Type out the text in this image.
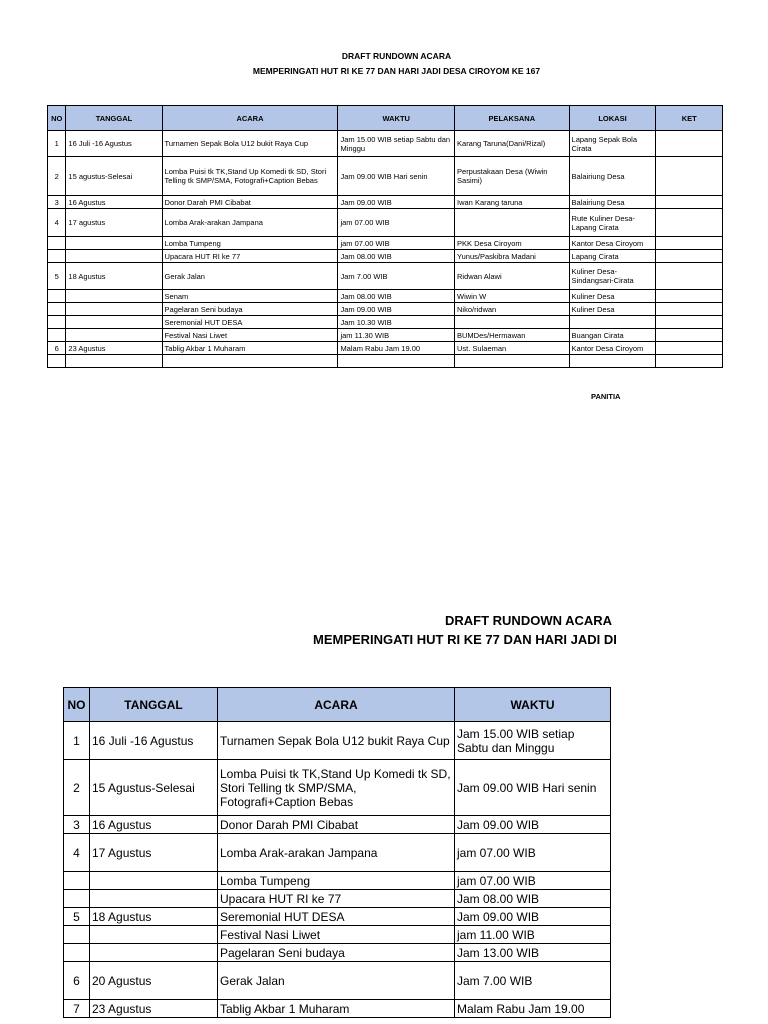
DRAFT RUNDOWN ACARA
MEMPERINGATI HUT RI KE 77 DAN HARI JADI DESA CIROYOM KE 167
NO	TANGGAL	ACARA	WAKTU	PELAKSANA	LOKASI	KET
1	16 Juli -16 Agustus	Turnamen Sepak Bola U12 bukit Raya Cup	Jam 15.00 WIB setiap Sabtu dan Minggu	Karang Taruna(Dani/Rizal)	Lapang Sepak Bola Cirata	
2	15 agustus-Selesai	Lomba Puisi tk TK,Stand Up Komedi tk SD, Stori Telling tk SMP/SMA, Fotografi+Caption Bebas	Jam 09.00 WIB Hari senin	Perpustakaan Desa (Wiwin Sasimi)	Balairiung Desa	
3	16 Agustus	Donor Darah PMI Cibabat	Jam 09.00 WIB	Iwan Karang taruna	Balairiung Desa	
4	17 agustus	Lomba Arak-arakan Jampana	jam 07.00 WIB		Rute Kuliner Desa-Lapang Cirata	
		Lomba Tumpeng	jam 07.00 WIB	PKK Desa Ciroyom	Kantor Desa Ciroyom	
		Upacara HUT RI ke 77	Jam 08.00 WIB	Yunus/Paskibra Madani	Lapang Cirata	
5	18 Agustus	Gerak Jalan	Jam 7.00 WIB	Ridwan Alawi	Kuliner Desa-Sindangsari-Cirata	
		Senam	Jam 08.00 WIB	Wiwin W	Kuliner Desa	
		Pagelaran Seni budaya	Jam 09.00 WIB	Niko/ridwan	Kuliner Desa	
		Seremonial HUT DESA	Jam 10.30 WIB			
		Festival Nasi Liwet	jam 11.30 WIB	BUMDes/Hermawan	Buangan Cirata	
6	23 Agustus	Tablig Akbar 1 Muharam	Malam Rabu Jam 19.00	Ust. Sulaeman	Kantor Desa Ciroyom	

PANITIA
DRAFT RUNDOWN ACARA
MEMPERINGATI HUT RI KE 77 DAN HARI JADI DI
NO	TANGGAL	ACARA	WAKTU
1	16 Juli -16 Agustus	Turnamen Sepak Bola U12 bukit Raya Cup	Jam 15.00 WIB setiap Sabtu dan Minggu
2	15 Agustus-Selesai	Lomba Puisi tk TK,Stand Up Komedi tk SD, Stori Telling tk SMP/SMA, Fotografi+Caption Bebas	Jam 09.00 WIB Hari senin
3	16 Agustus	Donor Darah PMI Cibabat	Jam 09.00 WIB
4	17 Agustus	Lomba Arak-arakan Jampana	jam 07.00 WIB
		Lomba Tumpeng	jam 07.00 WIB
		Upacara HUT RI ke 77	Jam 08.00 WIB
5	18 Agustus	Seremonial HUT DESA	Jam 09.00 WIB
		Festival Nasi Liwet	jam 11.00 WIB
		Pagelaran Seni budaya	Jam 13.00 WIB
6	20 Agustus	Gerak Jalan	Jam 7.00 WIB
7	23 Agustus	Tablig Akbar 1 Muharam	Malam Rabu Jam 19.00
